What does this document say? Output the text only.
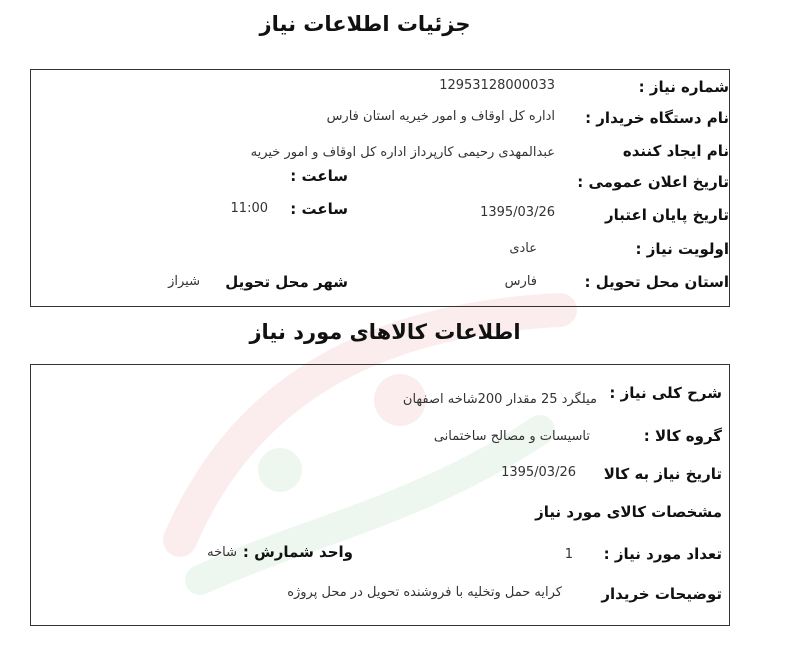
جزئیات اطلاعات نیاز
شماره نیاز :
12953128000033
نام دستگاه خریدار :
اداره کل اوقاف و امور خیریه استان فارس
نام ایجاد کننده
عبدالمهدی رحیمی کارپرداز اداره کل اوقاف و امور خیریه
تاریخ اعلان عمومی :
ساعت :
تاریخ پایان اعتبار
1395/03/26
ساعت :
11:00
اولویت نیاز :
عادی
استان محل تحویل :
فارس
شهر محل تحویل
شیراز
اطلاعات کالاهای مورد نیاز
شرح کلی نیاز :
میلگرد 25 مقدار 200شاخه اصفهان
گروه کالا :
تاسیسات و مصالح ساختمانی
تاریخ نیاز به کالا
1395/03/26
مشخصات کالای مورد نیاز
تعداد مورد نیاز :
1
واحد شمارش :
شاخه
توضیحات خریدار
کرایه حمل وتخلیه با فروشنده تحویل در محل پروژه
